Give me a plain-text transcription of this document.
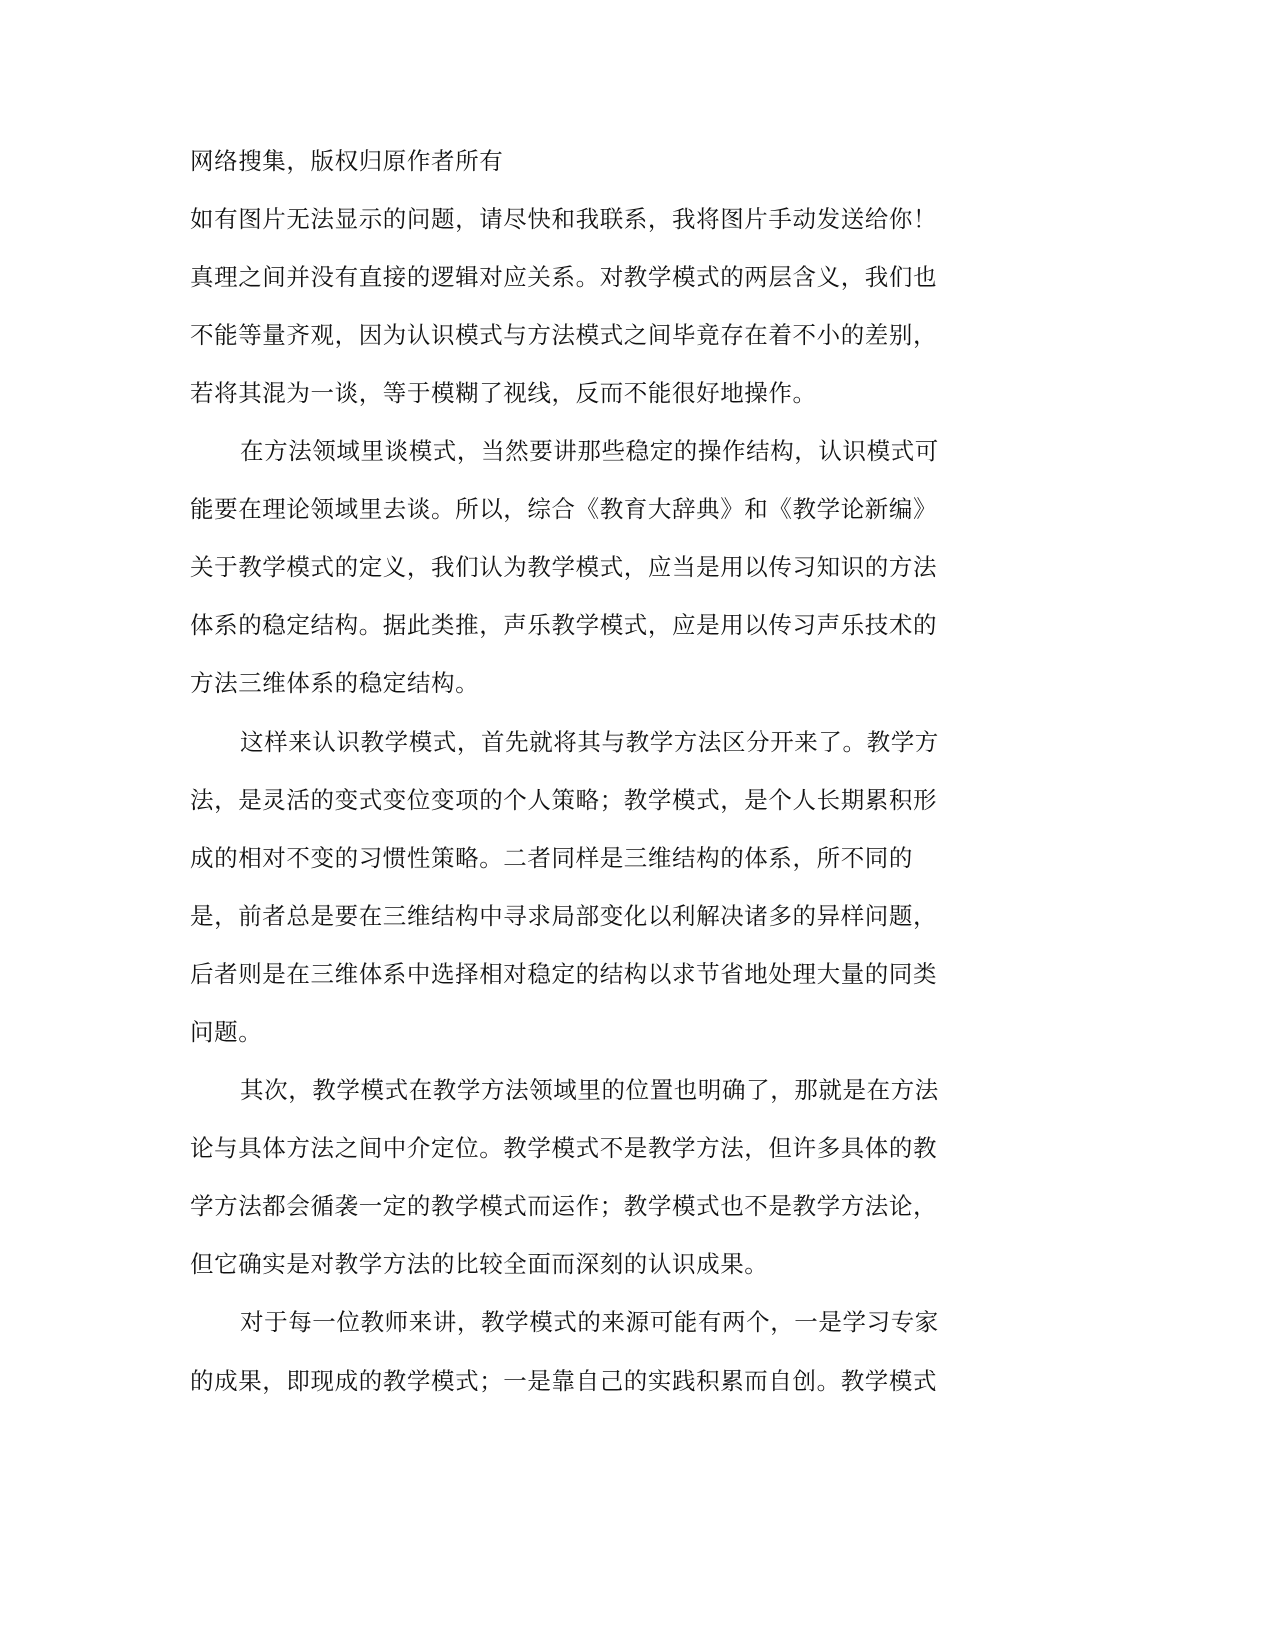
网络搜集，版权归原作者所有
如有图片无法显示的问题，请尽快和我联系，我将图片手动发送给你！
真理之间并没有直接的逻辑对应关系。对教学模式的两层含义，我们也
不能等量齐观，因为认识模式与方法模式之间毕竟存在着不小的差别，
若将其混为一谈，等于模糊了视线，反而不能很好地操作。
在方法领域里谈模式，当然要讲那些稳定的操作结构，认识模式可
能要在理论领域里去谈。所以，综合《教育大辞典》和《教学论新编》
关于教学模式的定义，我们认为教学模式，应当是用以传习知识的方法
体系的稳定结构。据此类推，声乐教学模式，应是用以传习声乐技术的
方法三维体系的稳定结构。
这样来认识教学模式，首先就将其与教学方法区分开来了。教学方
法，是灵活的变式变位变项的个人策略；教学模式，是个人长期累积形
成的相对不变的习惯性策略。二者同样是三维结构的体系，所不同的
是，前者总是要在三维结构中寻求局部变化以利解决诸多的异样问题，
后者则是在三维体系中选择相对稳定的结构以求节省地处理大量的同类
问题。
其次，教学模式在教学方法领域里的位置也明确了，那就是在方法
论与具体方法之间中介定位。教学模式不是教学方法，但许多具体的教
学方法都会循袭一定的教学模式而运作；教学模式也不是教学方法论，
但它确实是对教学方法的比较全面而深刻的认识成果。
对于每一位教师来讲，教学模式的来源可能有两个，一是学习专家
的成果，即现成的教学模式；一是靠自己的实践积累而自创。教学模式
